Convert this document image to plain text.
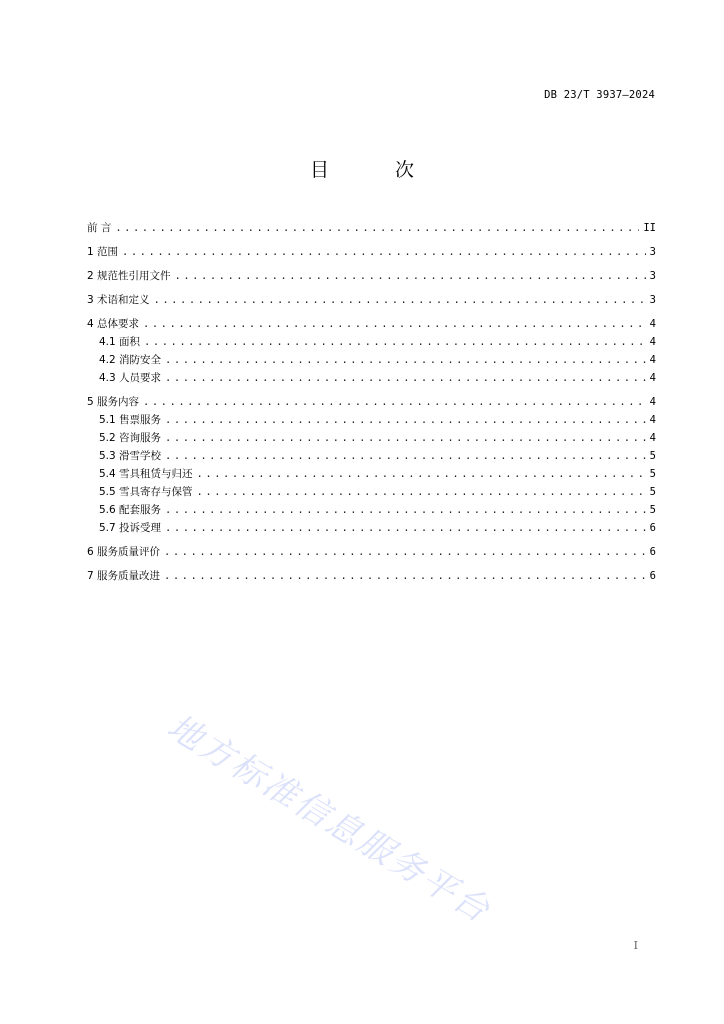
DB 23/T 3937—2024
目 次
前 言 .....	II
1 范围 .....	3
2 规范性引用文件 .....	3
3 术语和定义 .....	3
4 总体要求 .....	4
4.1 面积 .....	4
4.2 消防安全 .....	4
4.3 人员要求 .....	4
5 服务内容 .....	4
5.1 售票服务 .....	4
5.2 咨询服务 .....	4
5.3 滑雪学校 .....	5
5.4 雪具租赁与归还 .....	5
5.5 雪具寄存与保管 .....	5
5.6 配套服务 .....	5
5.7 投诉受理 .....	6
6 服务质量评价 .....	6
7 服务质量改进 .....	6
地方标准信息服务平台
I
